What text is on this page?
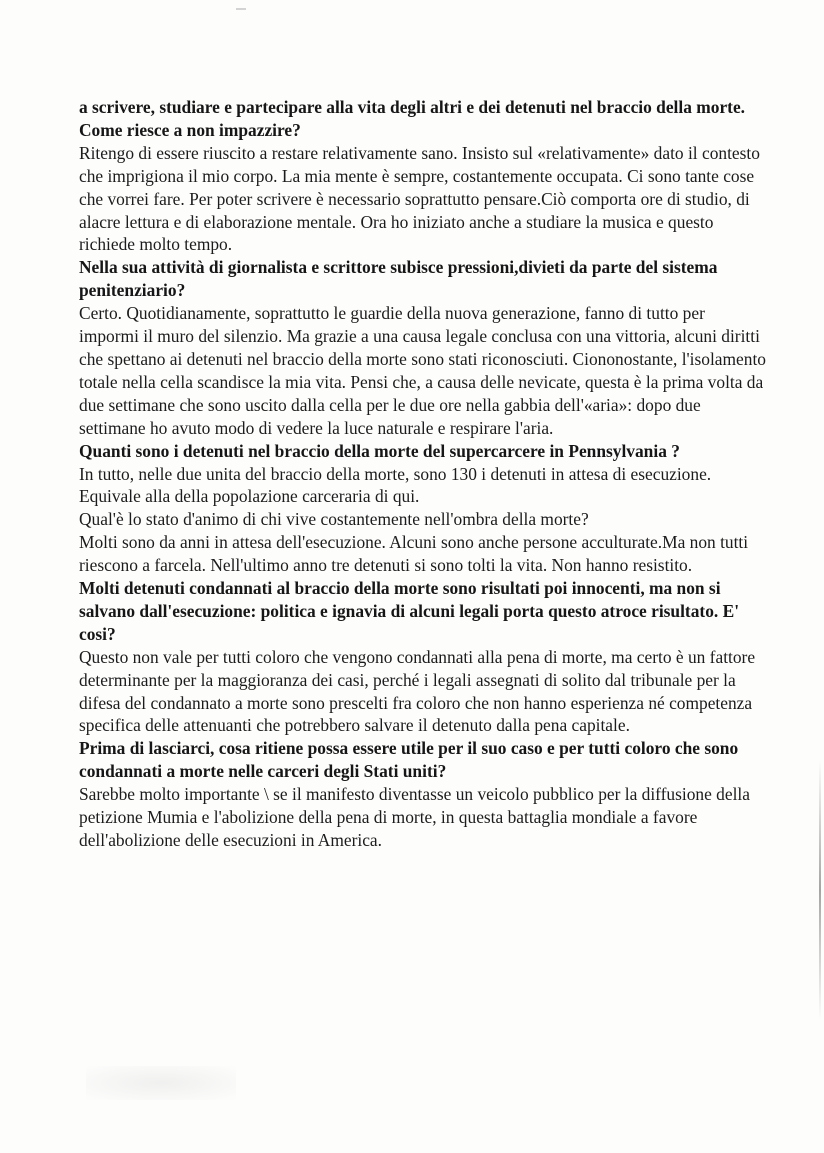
a scrivere, studiare e partecipare alla vita degli altri e dei detenuti nel braccio della morte. Come riesce a non impazzire?

Ritengo di essere riuscito a restare relativamente sano. Insisto sul «relativamente» dato il contesto che imprigiona il mio corpo. La mia mente è sempre, costantemente occupata. Ci sono tante cose che vorrei fare. Per poter scrivere è necessario soprattutto pensare.Ciò comporta ore di studio, di alacre lettura e di elaborazione mentale. Ora ho iniziato anche a studiare la musica e questo richiede molto tempo.

Nella sua attività di giornalista e scrittore subisce pressioni,divieti da parte del sistema penitenziario?

Certo. Quotidianamente, soprattutto le guardie della nuova generazione, fanno di tutto per impormi il muro del silenzio. Ma grazie a una causa legale conclusa con una vittoria, alcuni diritti che spettano ai detenuti nel braccio della morte sono stati riconosciuti. Ciononostante, l'isolamento totale nella cella scandisce la mia vita. Pensi che, a causa delle nevicate, questa è la prima volta da due settimane che sono uscito dalla cella per le due ore nella gabbia dell'«aria»: dopo due settimane ho avuto modo di vedere la luce naturale e respirare l'aria.

Quanti sono i detenuti nel braccio della morte del supercarcere in Pennsylvania ?

In tutto, nelle due unita del braccio della morte, sono 130 i detenuti in attesa di esecuzione. Equivale alla della popolazione carceraria di qui.

Qual'è lo stato d'animo di chi vive costantemente nell'ombra della morte?

Molti sono da anni in attesa dell'esecuzione. Alcuni sono anche persone acculturate.Ma non tutti riescono a farcela. Nell'ultimo anno tre detenuti si sono tolti la vita. Non hanno resistito.

Molti detenuti condannati al braccio della morte sono risultati poi innocenti, ma non si salvano dall'esecuzione: politica e ignavia di alcuni legali porta questo atroce risultato. E' cosi?

Questo non vale per tutti coloro che vengono condannati alla pena di morte, ma certo è un fattore determinante per la maggioranza dei casi, perché i legali assegnati di solito dal tribunale per la difesa del condannato a morte sono prescelti fra coloro che non hanno esperienza né competenza specifica delle attenuanti che potrebbero salvare il detenuto dalla pena capitale.

Prima di lasciarci, cosa ritiene possa essere utile per il suo caso e per tutti coloro che sono condannati a morte nelle carceri degli Stati uniti?

Sarebbe molto importante \ se il manifesto diventasse un veicolo pubblico per la diffusione della petizione Mumia e l'abolizione della pena di morte, in questa battaglia mondiale a favore dell'abolizione delle esecuzioni in America.
